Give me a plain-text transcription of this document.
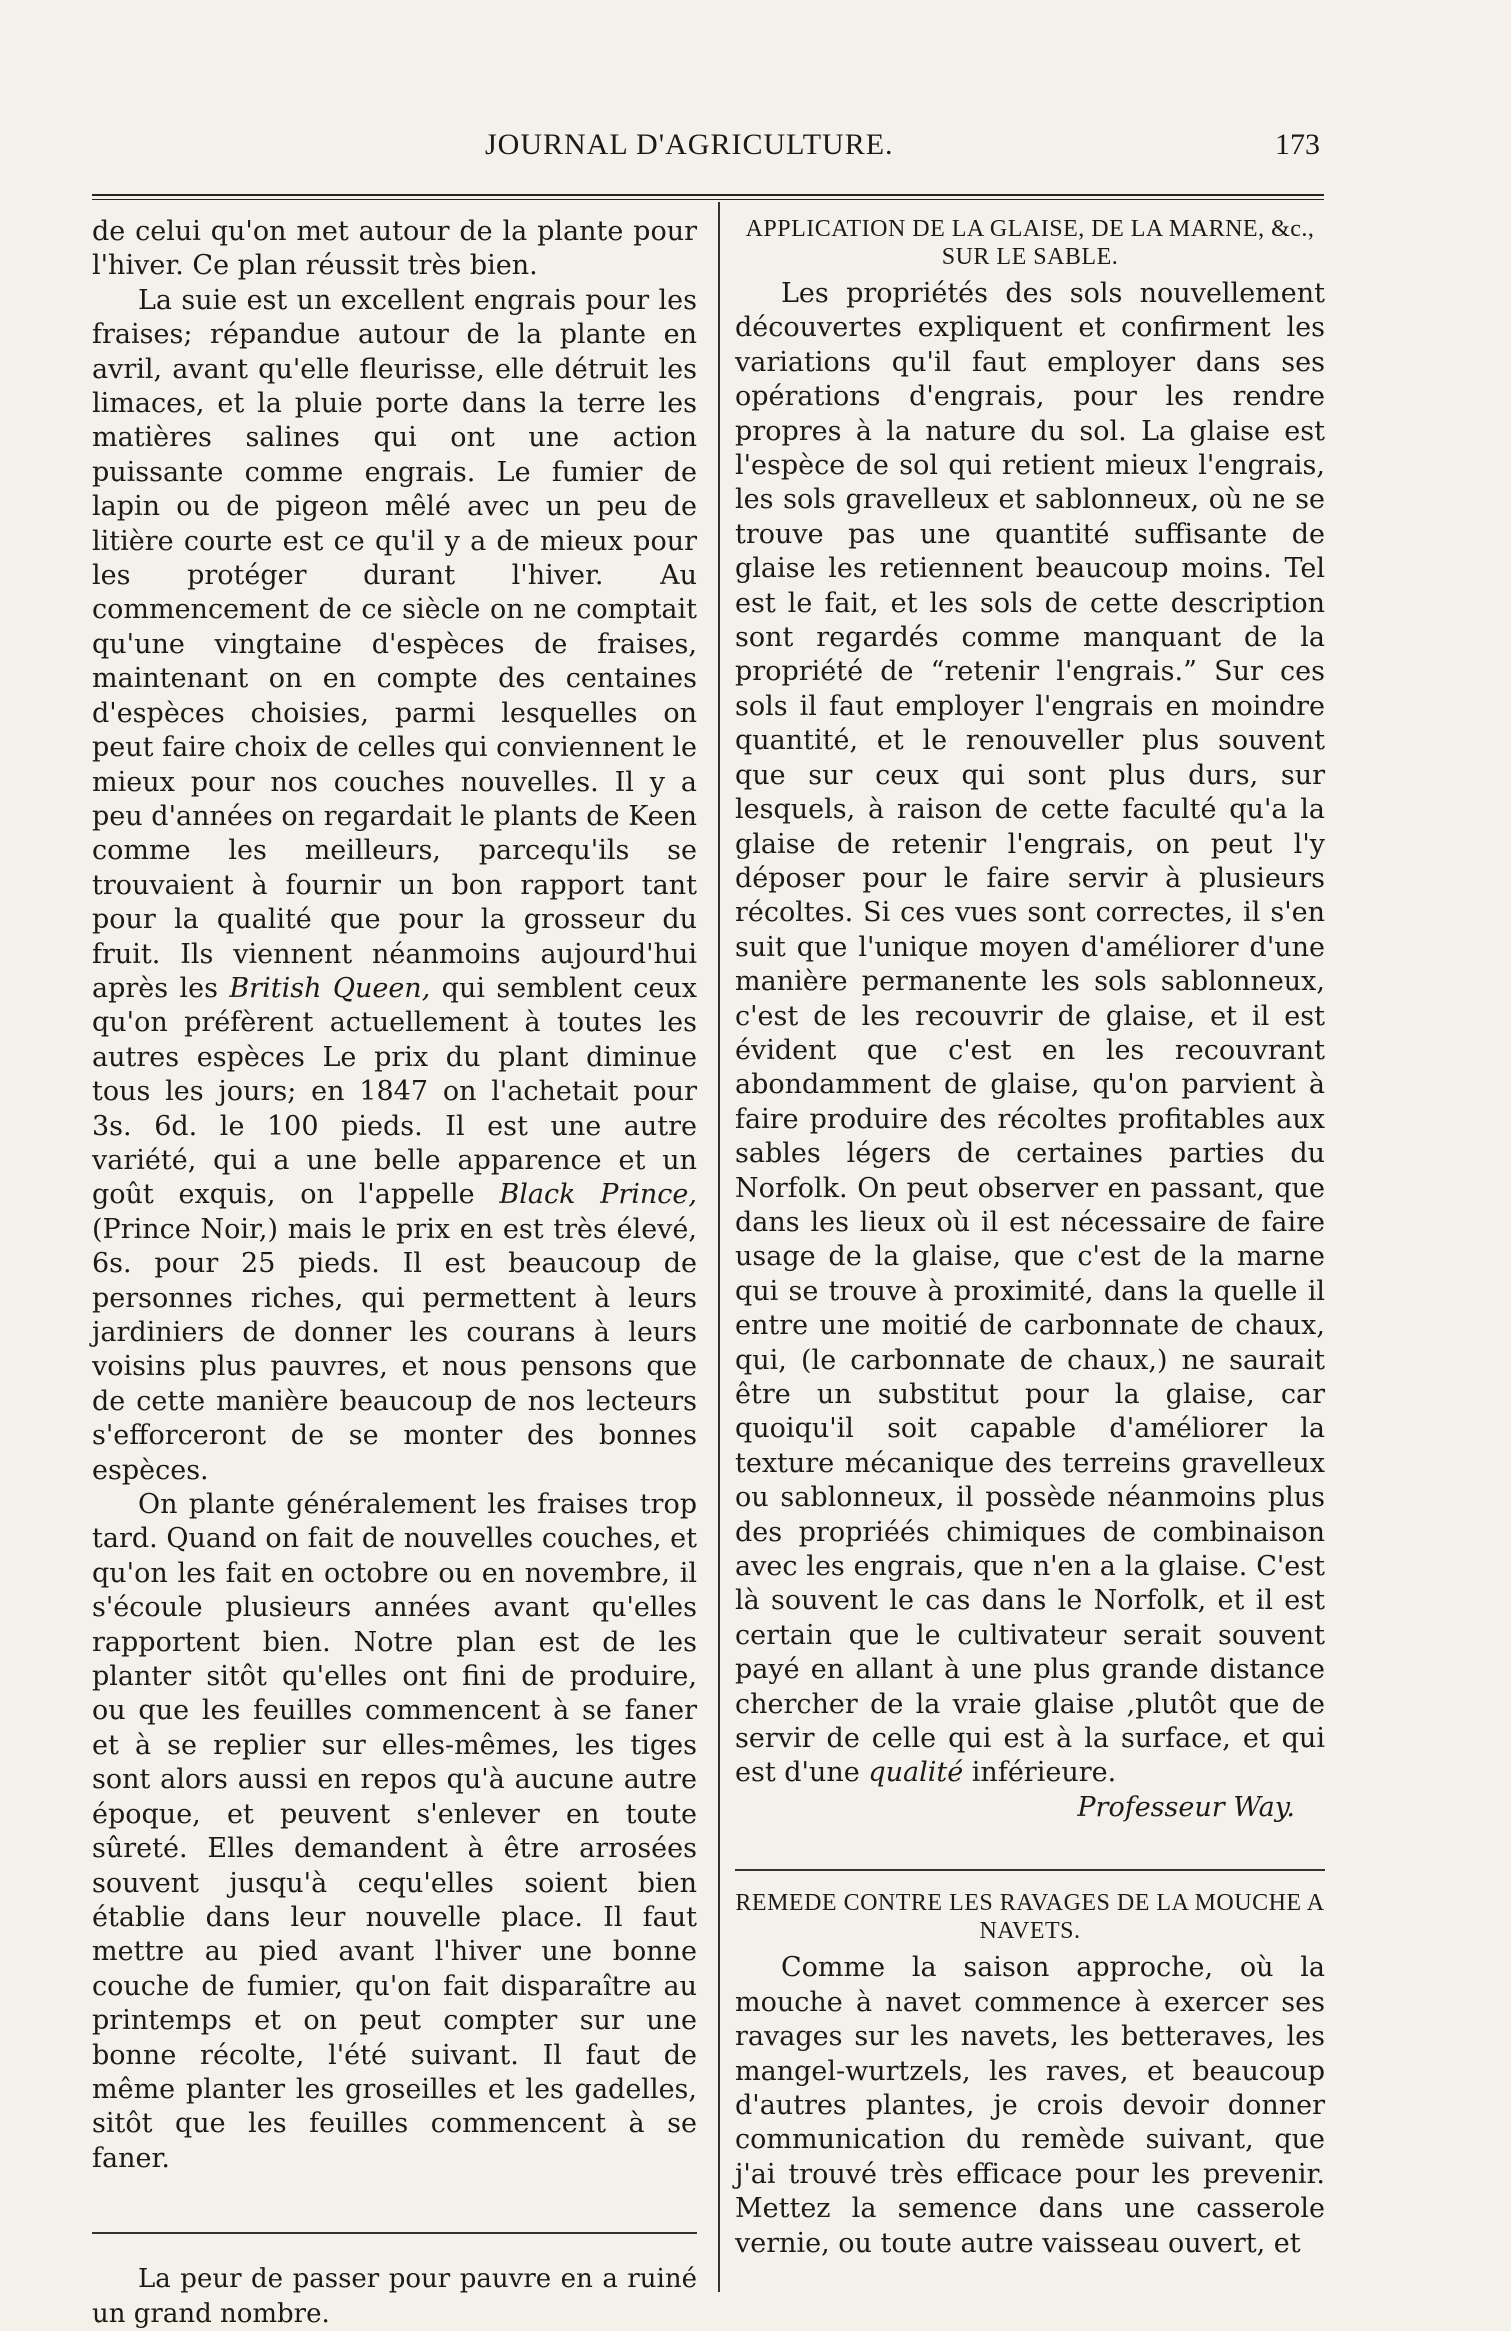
JOURNAL D'AGRICULTURE.	173

de celui qu'on met autour de la plante pour l'hiver. Ce plan réussit très bien.

La suie est un excellent engrais pour les fraises; répandue autour de la plante en avril, avant qu'elle fleurisse, elle détruit les limaces, et la pluie porte dans la terre les matières salines qui ont une action puissante comme engrais. Le fumier de lapin ou de pigeon mêlé avec un peu de litière courte est ce qu'il y a de mieux pour les protéger durant l'hiver. Au commencement de ce siècle on ne comptait qu'une vingtaine d'espèces de fraises, maintenant on en compte des centaines d'espèces choisies, parmi lesquelles on peut faire choix de celles qui conviennent le mieux pour nos couches nouvelles. Il y a peu d'années on regardait le plants de Keen comme les meilleurs, parcequ'ils se trouvaient à fournir un bon rapport tant pour la qualité que pour la grosseur du fruit. Ils viennent néanmoins aujourd'hui après les British Queen, qui semblent ceux qu'on préfèrent actuellement à toutes les autres espèces Le prix du plant diminue tous les jours; en 1847 on l'achetait pour 3s. 6d. le 100 pieds. Il est une autre variété, qui a une belle apparence et un goût exquis, on l'appelle Black Prince, (Prince Noir,) mais le prix en est très élevé, 6s. pour 25 pieds. Il est beaucoup de personnes riches, qui permettent à leurs jardiniers de donner les courans à leurs voisins plus pauvres, et nous pensons que de cette manière beaucoup de nos lecteurs s'efforceront de se monter des bonnes espèces.

On plante généralement les fraises trop tard. Quand on fait de nouvelles couches, et qu'on les fait en octobre ou en novembre, il s'écoule plusieurs années avant qu'elles rapportent bien. Notre plan est de les planter sitôt qu'elles ont fini de produire, ou que les feuilles commencent à se faner et à se replier sur elles-mêmes, les tiges sont alors aussi en repos qu'à aucune autre époque, et peuvent s'enlever en toute sûreté. Elles demandent à être arrosées souvent jusqu'à cequ'elles soient bien établie dans leur nouvelle place. Il faut mettre au pied avant l'hiver une bonne couche de fumier, qu'on fait disparaître au printemps et on peut compter sur une bonne récolte, l'été suivant. Il faut de même planter les groseilles et les gadelles, sitôt que les feuilles commencent à se faner.

La peur de passer pour pauvre en a ruiné un grand nombre.

APPLICATION DE LA GLAISE, DE LA MARNE, &c., SUR LE SABLE.

Les propriétés des sols nouvellement découvertes expliquent et confirment les variations qu'il faut employer dans ses opérations d'engrais, pour les rendre propres à la nature du sol. La glaise est l'espèce de sol qui retient mieux l'engrais, les sols gravelleux et sablonneux, où ne se trouve pas une quantité suffisante de glaise les retiennent beaucoup moins. Tel est le fait, et les sols de cette description sont regardés comme manquant de la propriété de “retenir l'engrais.” Sur ces sols il faut employer l'engrais en moindre quantité, et le renouveller plus souvent que sur ceux qui sont plus durs, sur lesquels, à raison de cette faculté qu'a la glaise de retenir l'engrais, on peut l'y déposer pour le faire servir à plusieurs récoltes. Si ces vues sont correctes, il s'en suit que l'unique moyen d'améliorer d'une manière permanente les sols sablonneux, c'est de les recouvrir de glaise, et il est évident que c'est en les recouvrant abondamment de glaise, qu'on parvient à faire produire des récoltes profitables aux sables légers de certaines parties du Norfolk. On peut observer en passant, que dans les lieux où il est nécessaire de faire usage de la glaise, que c'est de la marne qui se trouve à proximité, dans la quelle il entre une moitié de carbonnate de chaux, qui, (le carbonnate de chaux,) ne saurait être un substitut pour la glaise, car quoiqu'il soit capable d'améliorer la texture mécanique des terreins gravelleux ou sablonneux, il possède néanmoins plus des propriéés chimiques de combinaison avec les engrais, que n'en a la glaise. C'est là souvent le cas dans le Norfolk, et il est certain que le cultivateur serait souvent payé en allant à une plus grande distance chercher de la vraie glaise ,plutôt que de servir de celle qui est à la surface, et qui est d'une qualité inférieure.

Professeur Way.

REMEDE CONTRE LES RAVAGES DE LA MOUCHE A NAVETS.

Comme la saison approche, où la mouche à navet commence à exercer ses ravages sur les navets, les betteraves, les mangel-wurtzels, les raves, et beaucoup d'autres plantes, je crois devoir donner communication du remède suivant, que j'ai trouvé très efficace pour les prevenir. Mettez la semence dans une casserole vernie, ou toute autre vaisseau ouvert, et
